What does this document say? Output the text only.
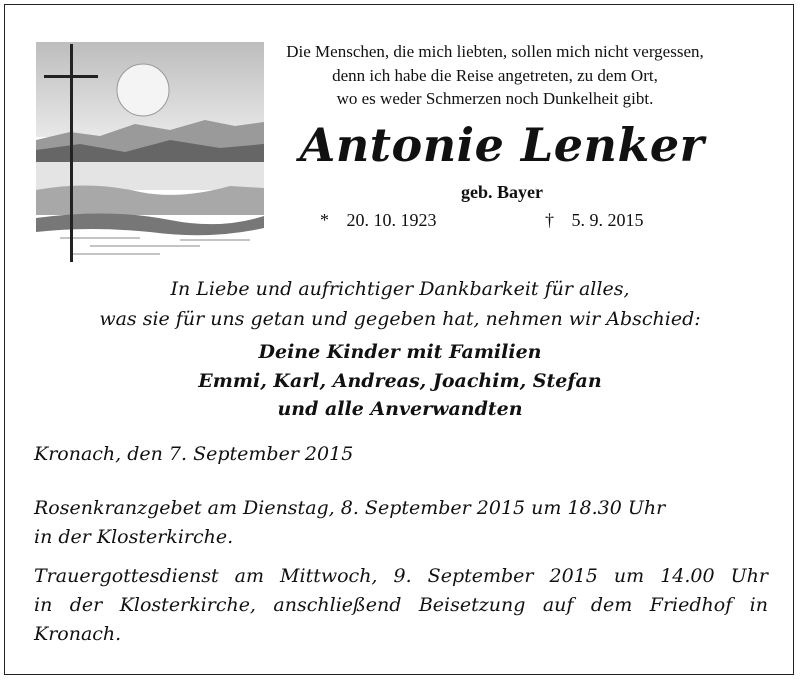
Die Menschen, die mich liebten, sollen mich nicht vergessen,
denn ich habe die Reise angetreten, zu dem Ort,
wo es weder Schmerzen noch Dunkelheit gibt.
Antonie Lenker
geb. Bayer
* 20. 10. 1923	† 5. 9. 2015
In Liebe und aufrichtiger Dankbarkeit für alles,
was sie für uns getan und gegeben hat, nehmen wir Abschied:
Deine Kinder mit Familien
Emmi, Karl, Andreas, Joachim, Stefan
und alle Anverwandten
Kronach, den 7. September 2015
Rosenkranzgebet am Dienstag, 8. September 2015 um 18.30 Uhr
in der Klosterkirche.
Trauergottesdienst am Mittwoch, 9. September 2015 um 14.00 Uhr
in der Klosterkirche, anschließend Beisetzung auf dem Friedhof in
Kronach.
